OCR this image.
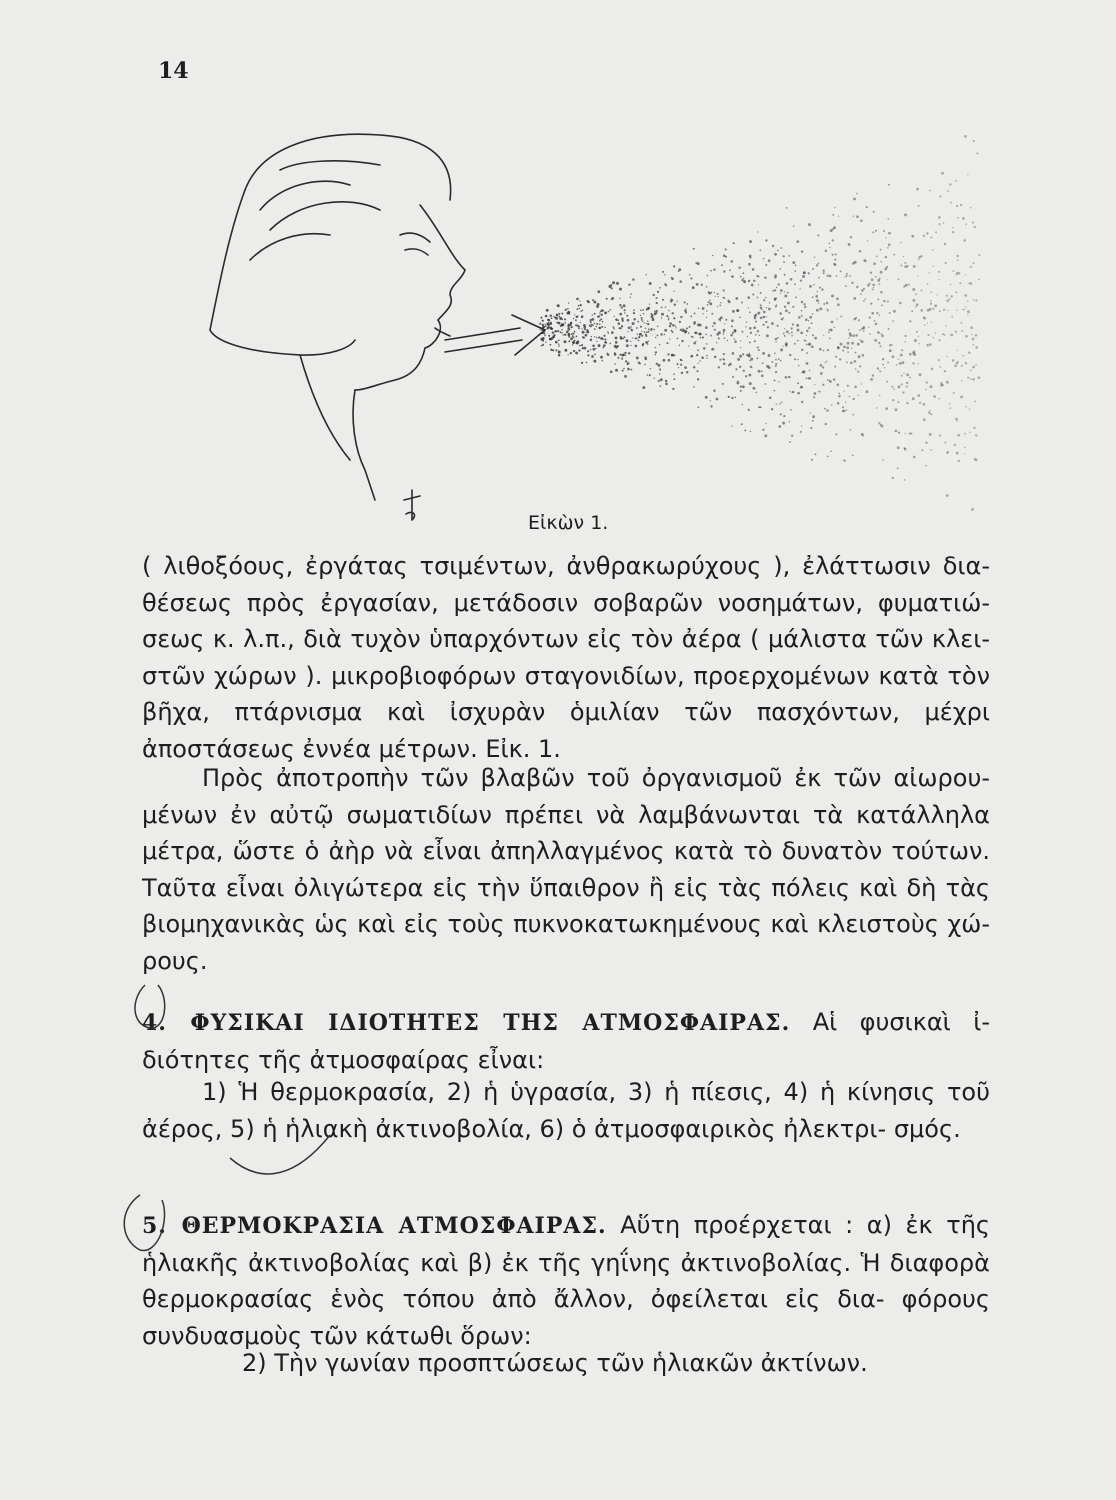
14
Εἰκὼν 1.
( λιθοξόους, ἐργάτας τσιμέντων, ἀνθρακωρύχους ), ἐλάττωσιν δια- θέσεως πρὸς ἐργασίαν, μετάδοσιν σοβαρῶν νοσημάτων, φυματιώ- σεως κ. λ.π., διὰ τυχὸν ὑπαρχόντων εἰς τὸν ἀέρα ( μάλιστα τῶν κλει- στῶν χώρων ). μικροβιοφόρων σταγονιδίων, προερχομένων κατὰ τὸν βῆχα, πτάρνισμα καὶ ἰσχυρὰν ὁμιλίαν τῶν πασχόντων, μέχρι ἀποστάσεως ἐννέα μέτρων. Εἰκ. 1.
Πρὸς ἀποτροπὴν τῶν βλαβῶν τοῦ ὀργανισμοῦ ἐκ τῶν αἰωρου- μένων ἐν αὐτῷ σωματιδίων πρέπει νὰ λαμβάνωνται τὰ κατάλληλα μέτρα, ὥστε ὁ ἀὴρ νὰ εἶναι ἀπηλλαγμένος κατὰ τὸ δυνατὸν τούτων. Ταῦτα εἶναι ὀλιγώτερα εἰς τὴν ὕπαιθρον ἢ εἰς τὰς πόλεις καὶ δὴ τὰς βιομηχανικὰς ὡς καὶ εἰς τοὺς πυκνοκατωκημένους καὶ κλειστοὺς χώ- ρους.
4. ΦΥΣΙΚΑΙ ΙΔΙΟΤΗΤΕΣ ΤΗΣ ΑΤΜΟΣΦΑΙΡΑΣ. Αἱ φυσικαὶ ἰ- διότητες τῆς ἀτμοσφαίρας εἶναι:
1) Ἡ θερμοκρασία, 2) ἡ ὑγρασία, 3) ἡ πίεσις, 4) ἡ κίνησις τοῦ ἀέρος, 5) ἡ ἡλιακὴ ἀκτινοβολία, 6) ὁ ἀτμοσφαιρικὸς ἠλεκτρι- σμός.
5. ΘΕΡΜΟΚΡΑΣΙΑ ΑΤΜΟΣΦΑΙΡΑΣ. Αὕτη προέρχεται : α) ἐκ τῆς ἡλιακῆς ἀκτινοβολίας καὶ β) ἐκ τῆς γηΐνης ἀκτινοβολίας. Ἡ διαφορὰ θερμοκρασίας ἑνὸς τόπου ἀπὸ ἄλλον, ὀφείλεται εἰς δια- φόρους συνδυασμοὺς τῶν κάτωθι ὅρων:
2) Τὴν γωνίαν προσπτώσεως τῶν ἡλιακῶν ἀκτίνων.
